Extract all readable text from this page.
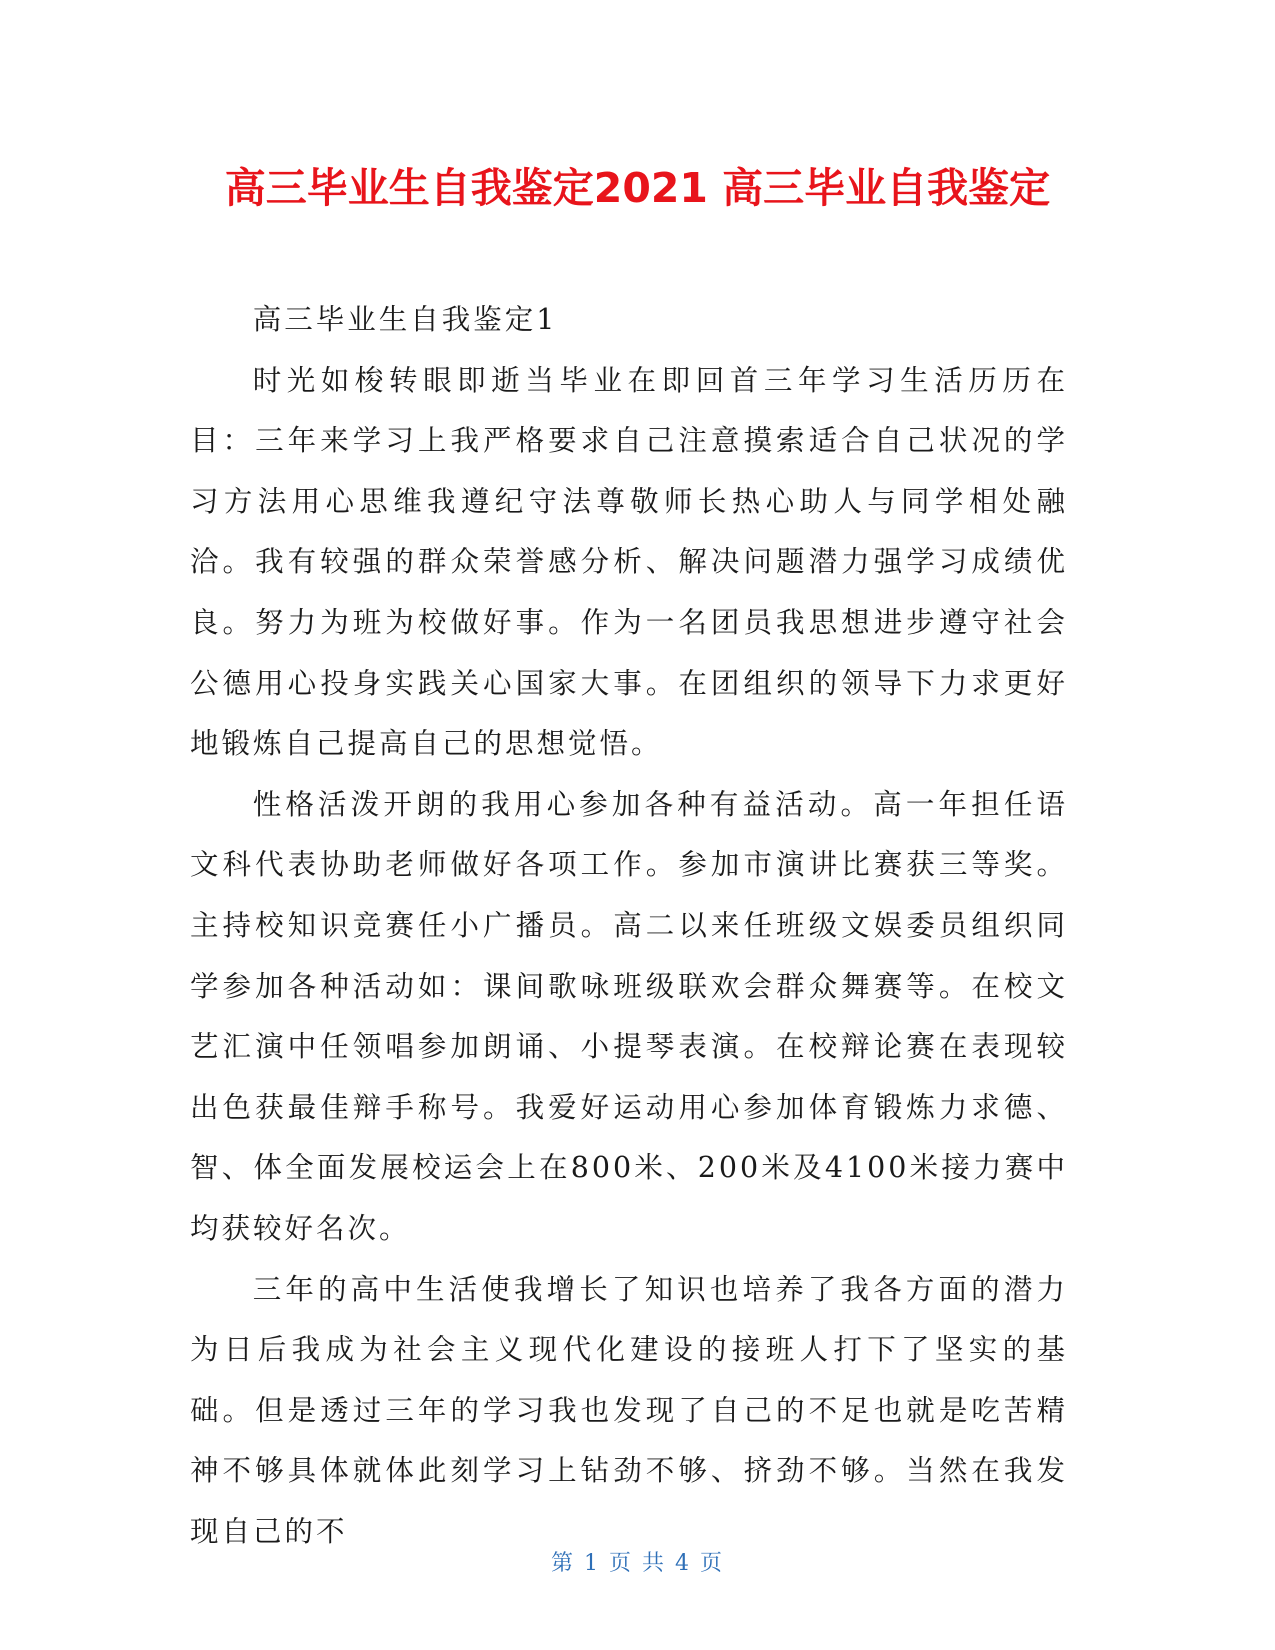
高三毕业生自我鉴定2021 高三毕业自我鉴定

高三毕业生自我鉴定1

时光如梭转眼即逝当毕业在即回首三年学习生活历历在目：三年来学习上我严格要求自己注意摸索适合自己状况的学习方法用心思维我遵纪守法尊敬师长热心助人与同学相处融洽。我有较强的群众荣誉感分析、解决问题潜力强学习成绩优良。努力为班为校做好事。作为一名团员我思想进步遵守社会公德用心投身实践关心国家大事。在团组织的领导下力求更好地锻炼自己提高自己的思想觉悟。

性格活泼开朗的我用心参加各种有益活动。高一年担任语文科代表协助老师做好各项工作。参加市演讲比赛获三等奖。主持校知识竞赛任小广播员。高二以来任班级文娱委员组织同学参加各种活动如：课间歌咏班级联欢会群众舞赛等。在校文艺汇演中任领唱参加朗诵、小提琴表演。在校辩论赛在表现较出色获最佳辩手称号。我爱好运动用心参加体育锻炼力求德、智、体全面发展校运会上在800米、200米及4100米接力赛中均获较好名次。

三年的高中生活使我增长了知识也培养了我各方面的潜力为日后我成为社会主义现代化建设的接班人打下了坚实的基础。但是透过三年的学习我也发现了自己的不足也就是吃苦精神不够具体就体此刻学习上钻劲不够、挤劲不够。当然在我发现自己的不

第 1 页 共 4 页
